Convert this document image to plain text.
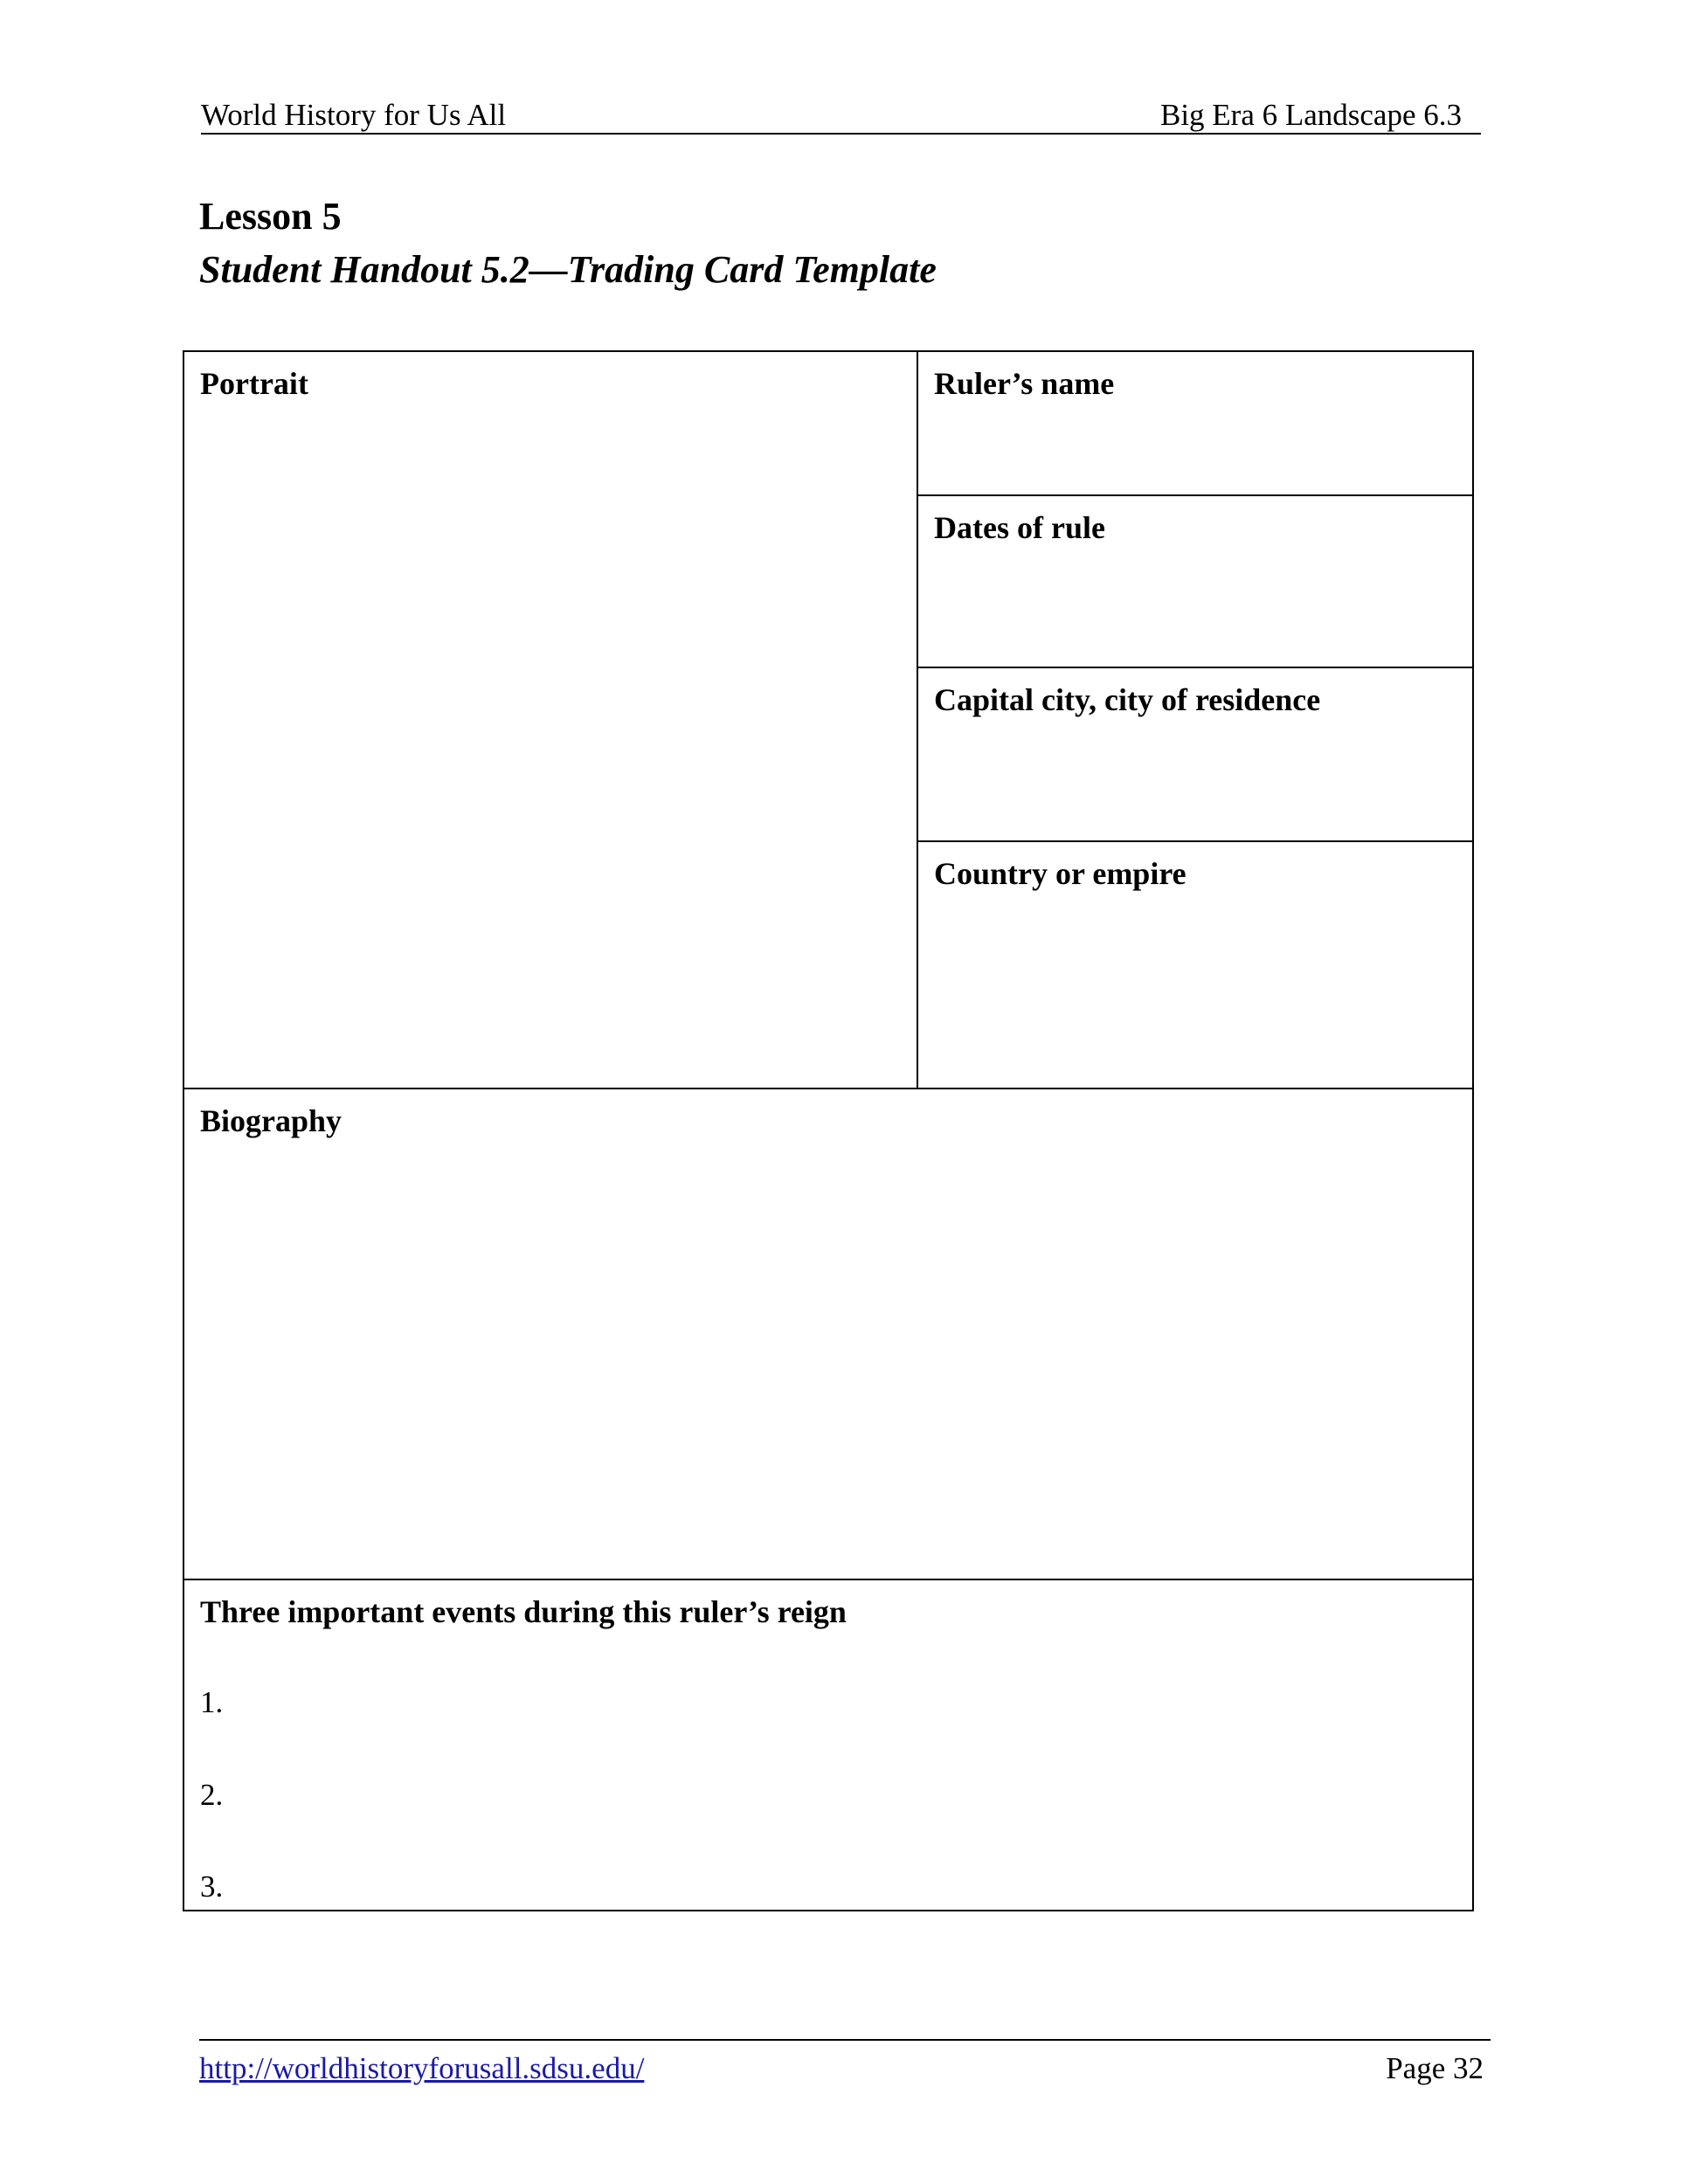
World History for Us All	Big Era 6 Landscape 6.3
Lesson 5
Student Handout 5.2—Trading Card Template
Portrait	Ruler’s name
Dates of rule
Capital city, city of residence
Country or empire
Biography
Three important events during this ruler’s reign
1.
2.
3.
http://worldhistoryforusall.sdsu.edu/	Page 32
